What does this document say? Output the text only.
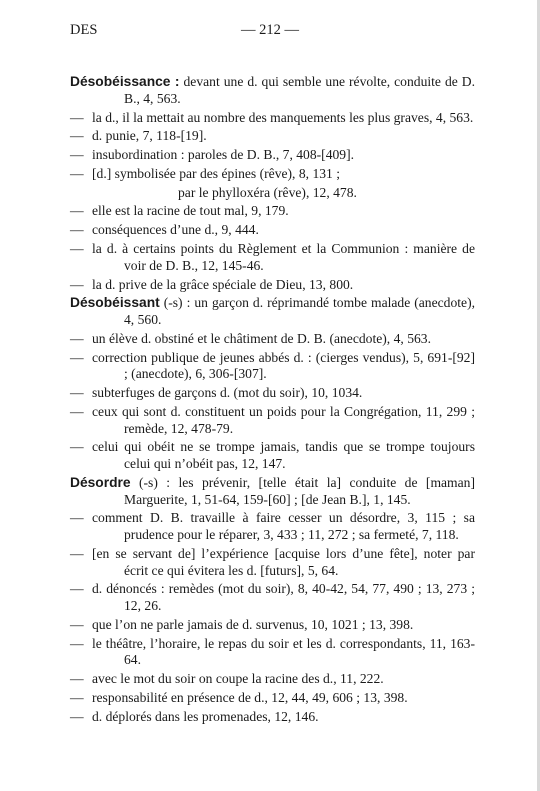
DES	— 212 —
Désobéissance : devant une d. qui semble une révolte, conduite de D. B., 4, 563.
— la d., il la mettait au nombre des manquements les plus graves, 4, 563.
— d. punie, 7, 118-[19].
— insubordination : paroles de D. B., 7, 408-[409].
— [d.] symbolisée par des épines (rêve), 8, 131 ;
par le phylloxéra (rêve), 12, 478.
— elle est la racine de tout mal, 9, 179.
— conséquences d’une d., 9, 444.
— la d. à certains points du Règlement et la Communion : manière de voir de D. B., 12, 145-46.
— la d. prive de la grâce spéciale de Dieu, 13, 800.
Désobéissant (-s) : un garçon d. réprimandé tombe malade (anecdote), 4, 560.
— un élève d. obstiné et le châtiment de D. B. (anecdote), 4, 563.
— correction publique de jeunes abbés d. : (cierges vendus), 5, 691-[92] ; (anecdote), 6, 306-[307].
— subterfuges de garçons d. (mot du soir), 10, 1034.
— ceux qui sont d. constituent un poids pour la Congrégation, 11, 299 ; remède, 12, 478-79.
— celui qui obéit ne se trompe jamais, tandis que se trompe toujours celui qui n’obéit pas, 12, 147.
Désordre (-s) : les prévenir, [telle était la] conduite de [maman] Marguerite, 1, 51-64, 159-[60] ; [de Jean B.], 1, 145.
— comment D. B. travaille à faire cesser un désordre, 3, 115 ; sa prudence pour le réparer, 3, 433 ; 11, 272 ; sa fermeté, 7, 118.
— [en se servant de] l’expérience [acquise lors d’une fête], noter par écrit ce qui évitera les d. [futurs], 5, 64.
— d. dénoncés : remèdes (mot du soir), 8, 40-42, 54, 77, 490 ; 13, 273 ; 12, 26.
— que l’on ne parle jamais de d. survenus, 10, 1021 ; 13, 398.
— le théâtre, l’horaire, le repas du soir et les d. correspondants, 11, 163-64.
— avec le mot du soir on coupe la racine des d., 11, 222.
— responsabilité en présence de d., 12, 44, 49, 606 ; 13, 398.
— d. déplorés dans les promenades, 12, 146.
